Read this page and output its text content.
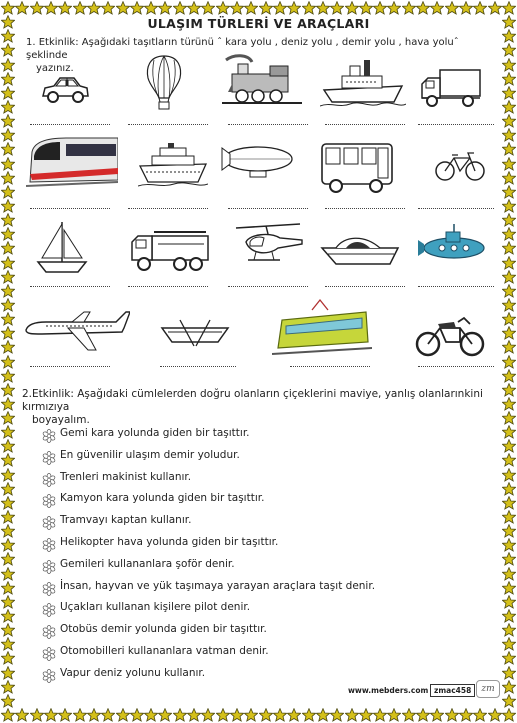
ULAŞIM TÜRLERİ VE ARAÇLARI
1. Etkinlik: Aşağıdaki taşıtların türünü ˆ kara yolu , deniz yolu , demir yolu , hava yoluˆ şeklinde
yazınız.
2.Etkinlik: Aşağıdaki cümlelerden doğru olanların çiçeklerini maviye, yanlış olanlarınkini kırmızıya
boyayalım.
Gemi kara yolunda giden bir taşıttır.
En güvenilir ulaşım demir yoludur.
Trenleri makinist kullanır.
Kamyon kara yolunda giden bir taşıttır.
Tramvayı kaptan kullanır.
Helikopter hava yolunda giden bir taşıttır.
Gemileri kullananlara şoför denir.
İnsan, hayvan ve yük taşımaya yarayan araçlara taşıt denir.
Uçakları kullanan kişilere pilot denir.
Otobüs demir yolunda giden bir taşıttır.
Otomobilleri kullananlara vatman denir.
Vapur deniz yolunu kullanır.
www.mebders.com zmac458	zm
